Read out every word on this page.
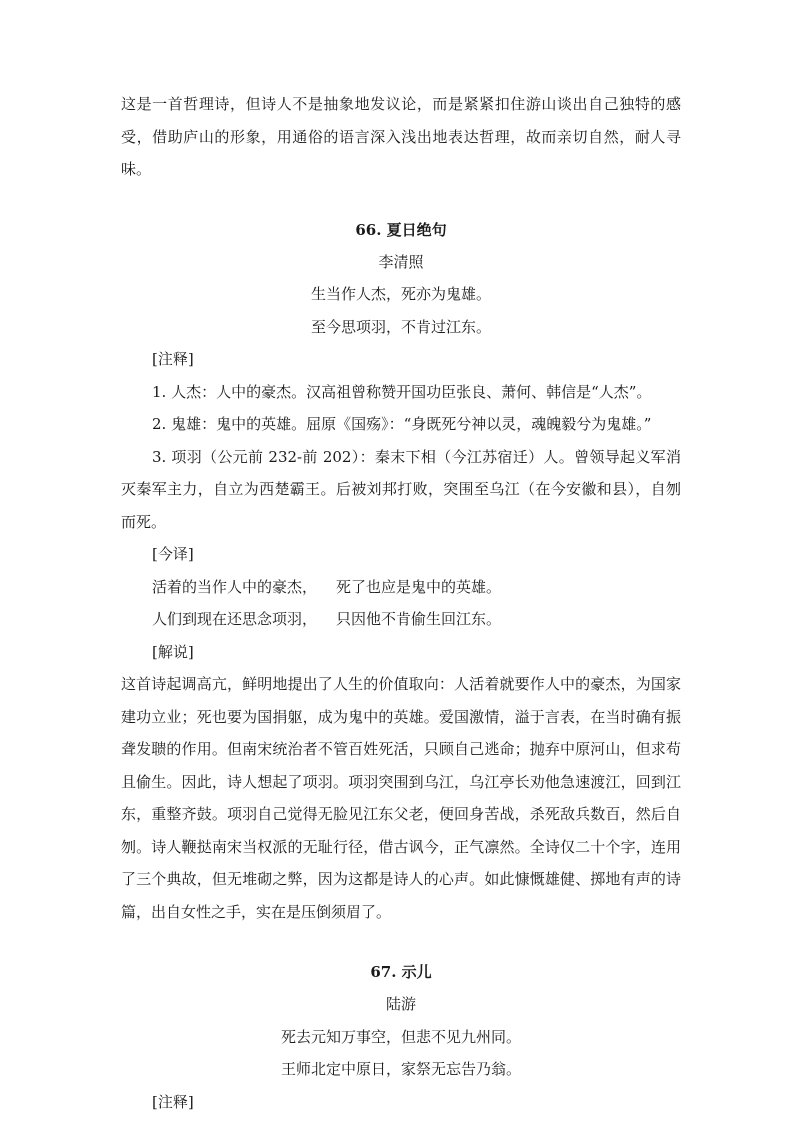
这是一首哲理诗，但诗人不是抽象地发议论，而是紧紧扣住游山谈出自己独特的感受，借助庐山的形象，用通俗的语言深入浅出地表达哲理，故而亲切自然，耐人寻味。

66. 夏日绝句

李清照

生当作人杰，死亦为鬼雄。

至今思项羽，不肯过江东。

[注释]

1. 人杰：人中的豪杰。汉高祖曾称赞开国功臣张良、萧何、韩信是“人杰”。

2. 鬼雄：鬼中的英雄。屈原《国殇》：“身既死兮神以灵，魂魄毅兮为鬼雄。”

3. 项羽（公元前 232-前 202）：秦末下相（今江苏宿迁）人。曾领导起义军消灭秦军主力，自立为西楚霸王。后被刘邦打败，突围至乌江（在今安徽和县），自刎而死。

[今译]

活着的当作人中的豪杰，	死了也应是鬼中的英雄。
人们到现在还思念项羽，	只因他不肯偷生回江东。

[解说]

这首诗起调高亢，鲜明地提出了人生的价值取向：人活着就要作人中的豪杰，为国家建功立业；死也要为国捐躯，成为鬼中的英雄。爱国激情，溢于言表，在当时确有振聋发聩的作用。但南宋统治者不管百姓死活，只顾自己逃命；抛弃中原河山，但求苟且偷生。因此，诗人想起了项羽。项羽突围到乌江，乌江亭长劝他急速渡江，回到江东，重整齐鼓。项羽自己觉得无脸见江东父老，便回身苦战，杀死敌兵数百，然后自刎。诗人鞭挞南宋当权派的无耻行径，借古讽今，正气凛然。全诗仅二十个字，连用了三个典故，但无堆砌之弊，因为这都是诗人的心声。如此慷慨雄健、掷地有声的诗篇，出自女性之手，实在是压倒须眉了。

67. 示儿

陆游

死去元知万事空，但悲不见九州同。

王师北定中原日，家祭无忘告乃翁。

[注释]
